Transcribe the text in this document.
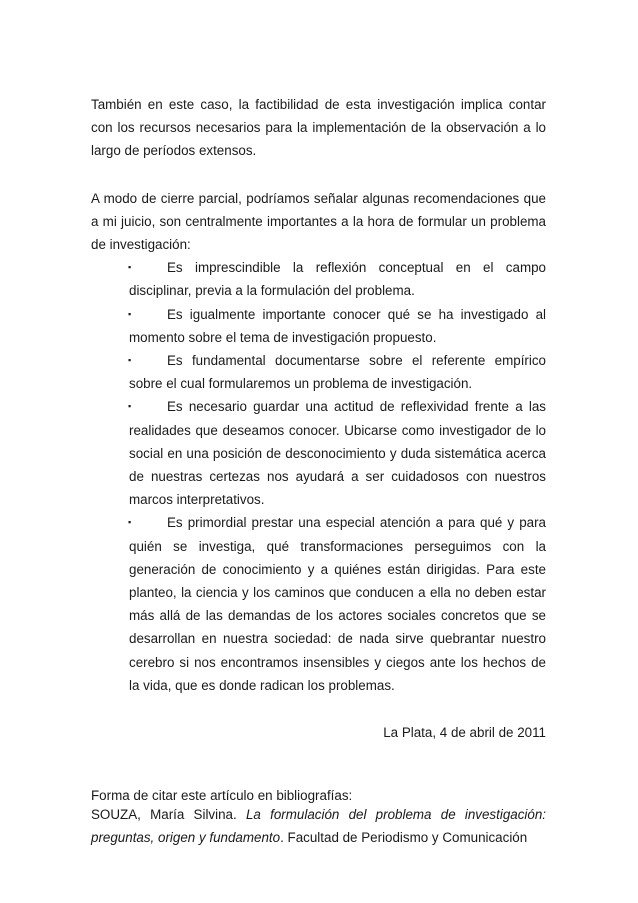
También en este caso, la factibilidad de esta investigación implica contar con los recursos necesarios para la implementación de la observación a lo largo de períodos extensos.

A modo de cierre parcial, podríamos señalar algunas recomendaciones que a mi juicio, son centralmente importantes a la hora de formular un problema de investigación:

▪	Es imprescindible la reflexión conceptual en el campo disciplinar, previa a la formulación del problema.
▪	Es igualmente importante conocer qué se ha investigado al momento sobre el tema de investigación propuesto.
▪	Es fundamental documentarse sobre el referente empírico sobre el cual formularemos un problema de investigación.
▪	Es necesario guardar una actitud de reflexividad frente a las realidades que deseamos conocer. Ubicarse como investigador de lo social en una posición de desconocimiento y duda sistemática acerca de nuestras certezas nos ayudará a ser cuidadosos con nuestros marcos interpretativos.
▪	Es primordial prestar una especial atención a para qué y para quién se investiga, qué transformaciones perseguimos con la generación de conocimiento y a quiénes están dirigidas. Para este planteo, la ciencia y los caminos que conducen a ella no deben estar más allá de las demandas de los actores sociales concretos que se desarrollan en nuestra sociedad: de nada sirve quebrantar nuestro cerebro si nos encontramos insensibles y ciegos ante los hechos de la vida, que es donde radican los problemas.

La Plata, 4 de abril de 2011

Forma de citar este artículo en bibliografías:

SOUZA, María Silvina. La formulación del problema de investigación: preguntas, origen y fundamento. Facultad de Periodismo y Comunicación
